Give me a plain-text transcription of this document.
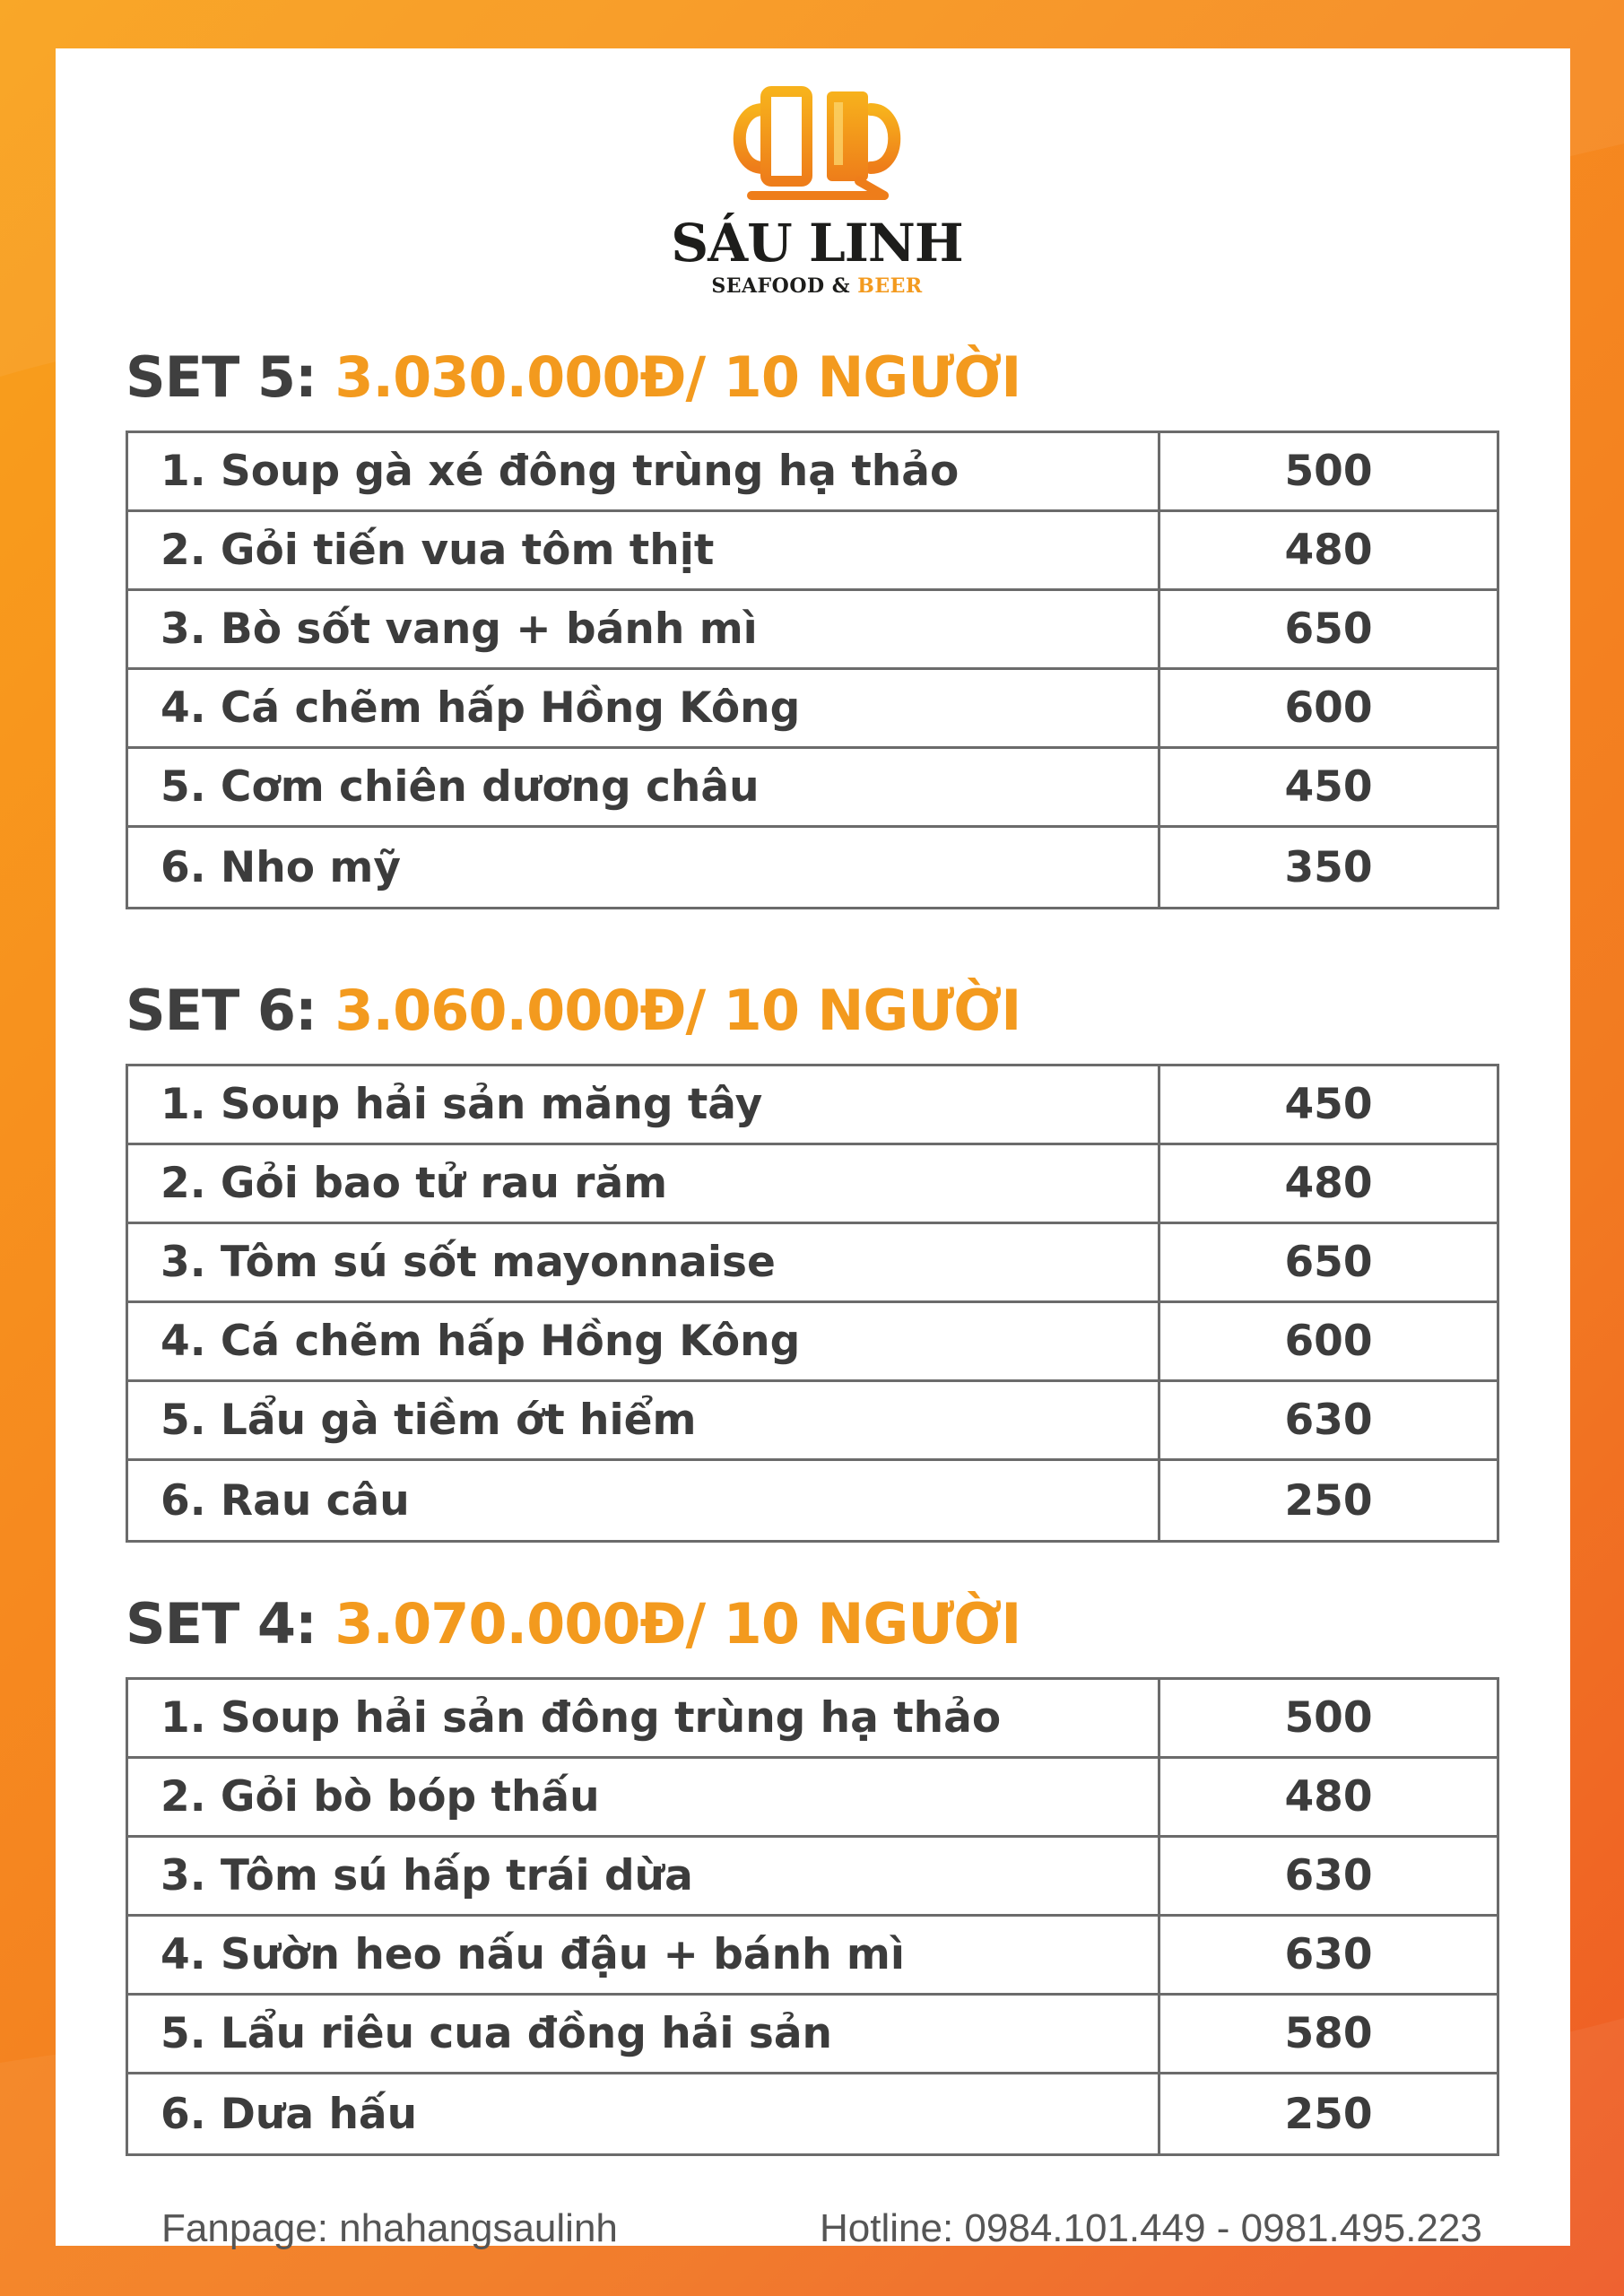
SÁU LINH
SEAFOOD & BEER
SET 5: 3.030.000Đ/ 10 NGƯỜI
1. Soup gà xé đông trùng hạ thảo	500
2. Gỏi tiến vua tôm thịt	480
3. Bò sốt vang + bánh mì	650
4. Cá chẽm hấp Hồng Kông	600
5. Cơm chiên dương châu	450
6. Nho mỹ	350
SET 6: 3.060.000Đ/ 10 NGƯỜI
1. Soup hải sản măng tây	450
2. Gỏi bao tử rau răm	480
3. Tôm sú sốt mayonnaise	650
4. Cá chẽm hấp Hồng Kông	600
5. Lẩu gà tiềm ớt hiểm	630
6. Rau câu	250
SET 4: 3.070.000Đ/ 10 NGƯỜI
1. Soup hải sản đông trùng hạ thảo	500
2. Gỏi bò bóp thấu	480
3. Tôm sú hấp trái dừa	630
4. Sườn heo nấu đậu + bánh mì	630
5. Lẩu riêu cua đồng hải sản	580
6. Dưa hấu	250
Fanpage: nhahangsaulinh	Hotline: 0984.101.449 - 0981.495.223
